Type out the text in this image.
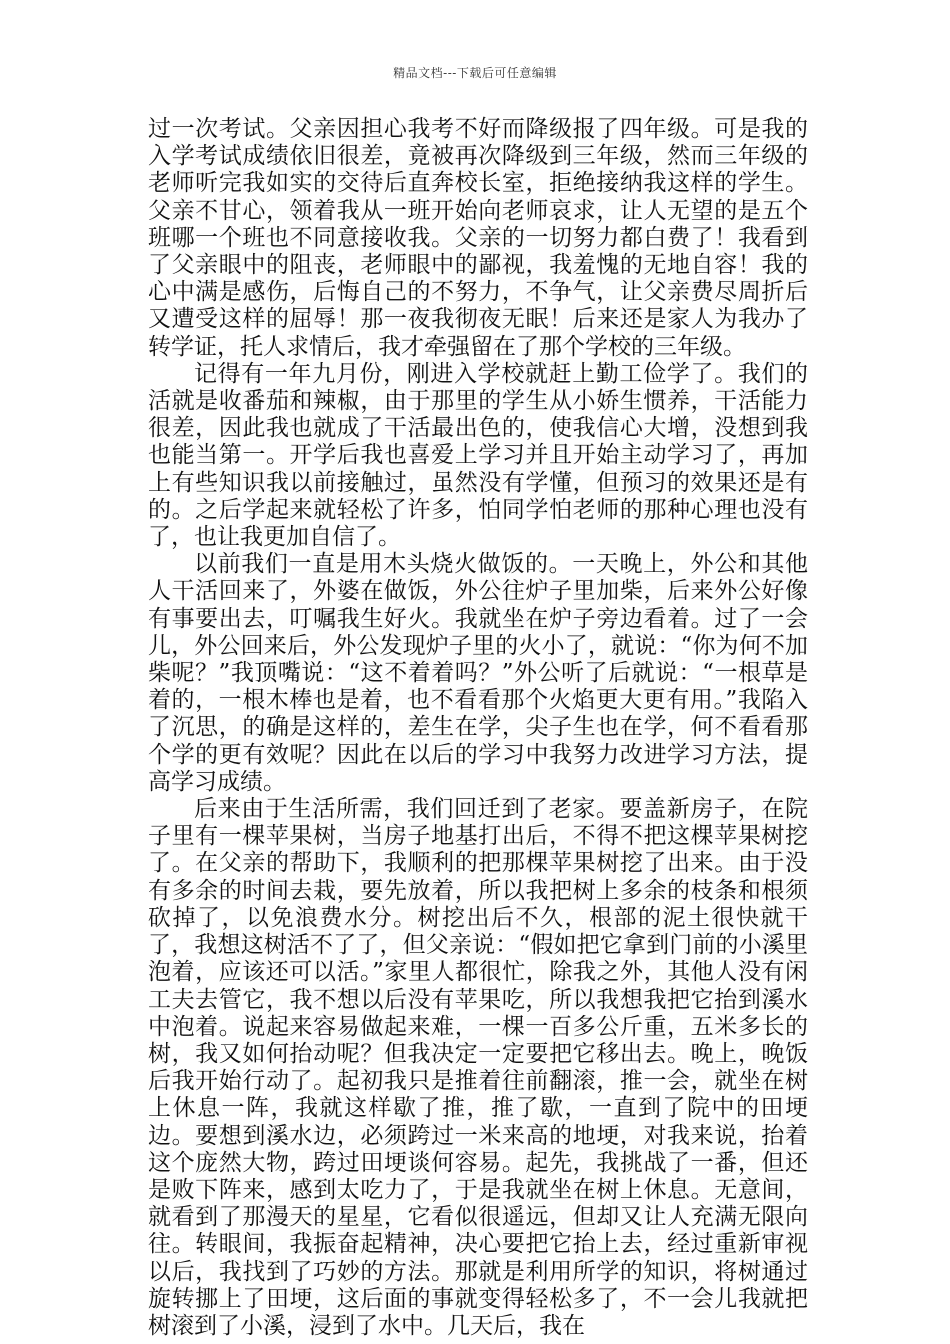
精品文档---下载后可任意编辑

过一次考试。父亲因担心我考不好而降级报了四年级。可是我的入学考试成绩依旧很差，竟被再次降级到三年级，然而三年级的老师听完我如实的交待后直奔校长室，拒绝接纳我这样的学生。父亲不甘心，领着我从一班开始向老师哀求，让人无望的是五个班哪一个班也不同意接收我。父亲的一切努力都白费了！我看到了父亲眼中的阻丧，老师眼中的鄙视，我羞愧的无地自容！我的心中满是感伤，后悔自己的不努力，不争气，让父亲费尽周折后又遭受这样的屈辱！那一夜我彻夜无眠！后来还是家人为我办了转学证，托人求情后，我才牵强留在了那个学校的三年级。

记得有一年九月份，刚进入学校就赶上勤工俭学了。我们的活就是收番茄和辣椒，由于那里的学生从小娇生惯养，干活能力很差，因此我也就成了干活最出色的，使我信心大增，没想到我也能当第一。开学后我也喜爱上学习并且开始主动学习了，再加上有些知识我以前接触过，虽然没有学懂，但预习的效果还是有的。之后学起来就轻松了许多，怕同学怕老师的那种心理也没有了，也让我更加自信了。

以前我们一直是用木头烧火做饭的。一天晚上，外公和其他人干活回来了，外婆在做饭，外公往炉子里加柴，后来外公好像有事要出去，叮嘱我生好火。我就坐在炉子旁边看着。过了一会儿，外公回来后，外公发现炉子里的火小了，就说：“你为何不加柴呢？”我顶嘴说：“这不着着吗？”外公听了后就说：“一根草是着的，一根木棒也是着，也不看看那个火焰更大更有用。”我陷入了沉思，的确是这样的，差生在学，尖子生也在学，何不看看那个学的更有效呢？因此在以后的学习中我努力改进学习方法，提高学习成绩。

后来由于生活所需，我们回迁到了老家。要盖新房子，在院子里有一棵苹果树，当房子地基打出后，不得不把这棵苹果树挖了。在父亲的帮助下，我顺利的把那棵苹果树挖了出来。由于没有多余的时间去栽，要先放着，所以我把树上多余的枝条和根须砍掉了，以免浪费水分。树挖出后不久，根部的泥土很快就干了，我想这树活不了了，但父亲说：“假如把它拿到门前的小溪里泡着，应该还可以活。”家里人都很忙，除我之外，其他人没有闲工夫去管它，我不想以后没有苹果吃，所以我想我把它抬到溪水中泡着。说起来容易做起来难，一棵一百多公斤重，五米多长的树，我又如何抬动呢？但我决定一定要把它移出去。晚上，晚饭后我开始行动了。起初我只是推着往前翻滚，推一会，就坐在树上休息一阵，我就这样歇了推，推了歇，一直到了院中的田埂边。要想到溪水边，必须跨过一米来高的地埂，对我来说，抬着这个庞然大物，跨过田埂谈何容易。起先，我挑战了一番，但还是败下阵来，感到太吃力了，于是我就坐在树上休息。无意间，就看到了那漫天的星星，它看似很遥远，但却又让人充满无限向往。转眼间，我振奋起精神，决心要把它抬上去，经过重新审视以后，我找到了巧妙的方法。那就是利用所学的知识，将树通过旋转挪上了田埂，这后面的事就变得轻松多了，不一会儿我就把树滚到了小溪，浸到了水中。几天后，我在
